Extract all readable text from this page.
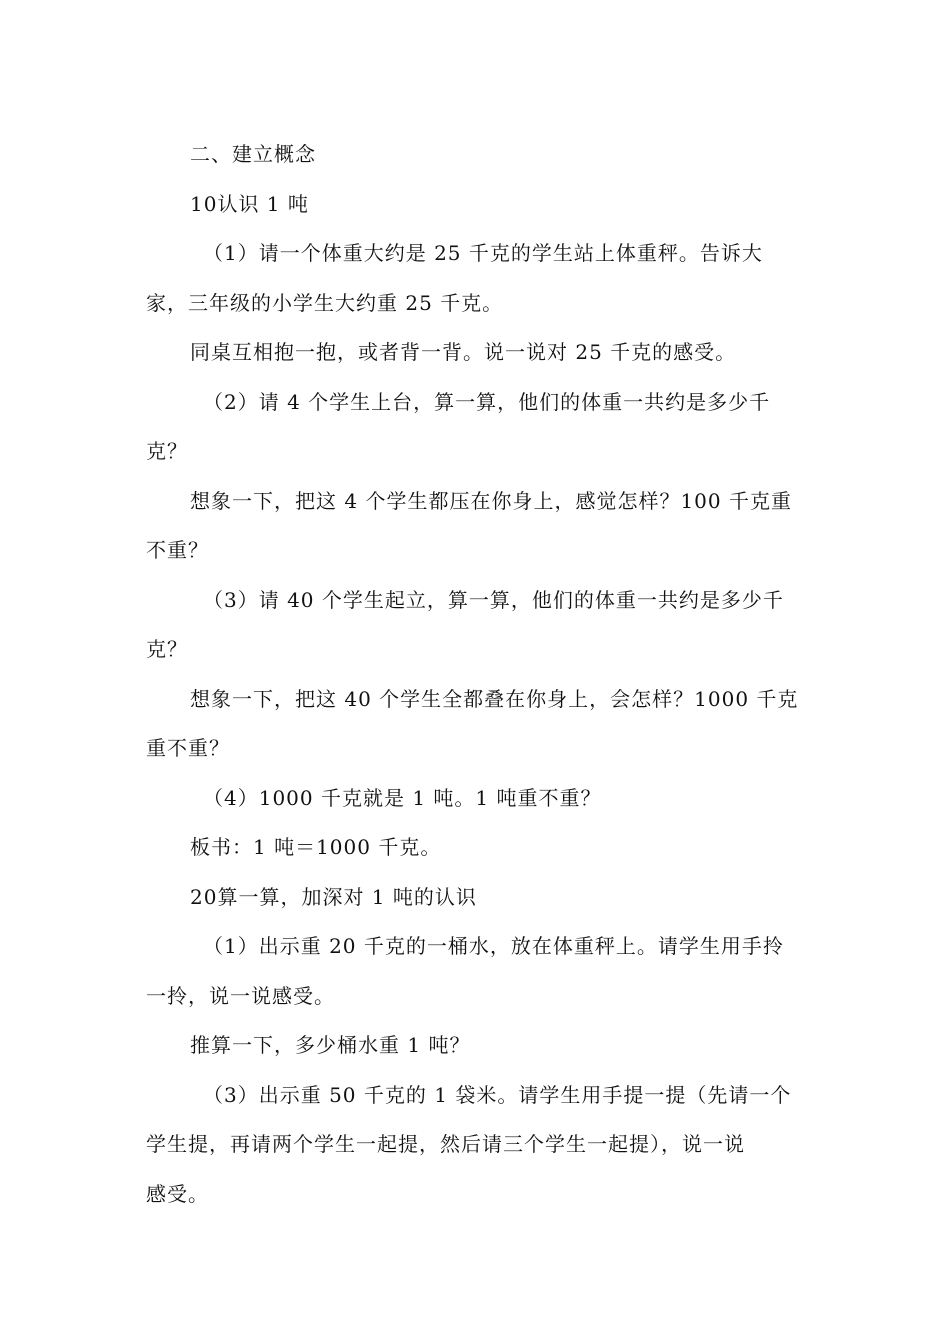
二、建立概念
10认识 1 吨
（1）请一个体重大约是 25 千克的学生站上体重秤。告诉大
家，三年级的小学生大约重 25 千克。
同桌互相抱一抱，或者背一背。说一说对 25 千克的感受。
（2）请 4 个学生上台，算一算，他们的体重一共约是多少千
克？
想象一下，把这 4 个学生都压在你身上，感觉怎样？100 千克重
不重？
（3）请 40 个学生起立，算一算，他们的体重一共约是多少千
克？
想象一下，把这 40 个学生全都叠在你身上，会怎样？1000 千克
重不重？
（4）1000 千克就是 1 吨。1 吨重不重？
板书：1 吨＝1000 千克。
20算一算，加深对 1 吨的认识
（1）出示重 20 千克的一桶水，放在体重秤上。请学生用手拎
一拎，说一说感受。
推算一下，多少桶水重 1 吨？
（3）出示重 50 千克的 1 袋米。请学生用手提一提（先请一个
学生提，再请两个学生一起提，然后请三个学生一起提），说一说
感受。
